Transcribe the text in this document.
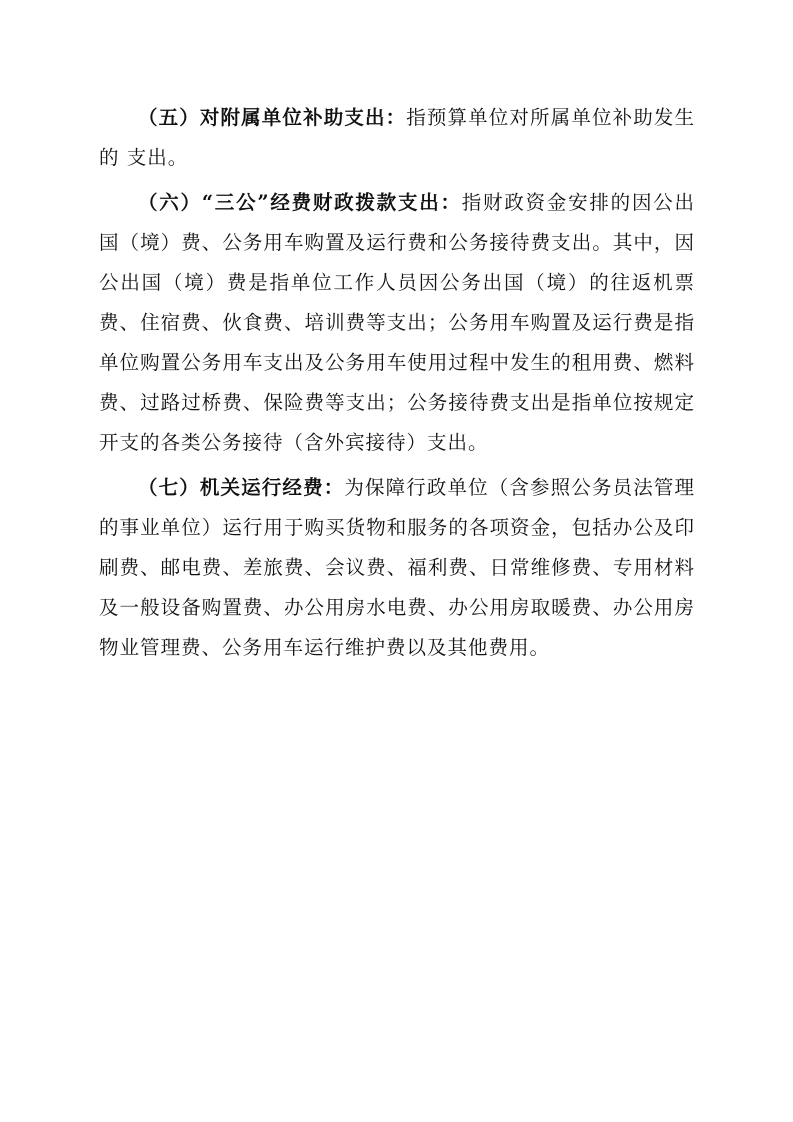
（五）对附属单位补助支出：指预算单位对所属单位补助发生的 支出。

（六）“三公”经费财政拨款支出：指财政资金安排的因公出国（境）费、公务用车购置及运行费和公务接待费支出。其中，因公出国（境）费是指单位工作人员因公务出国（境）的往返机票费、住宿费、伙食费、培训费等支出；公务用车购置及运行费是指单位购置公务用车支出及公务用车使用过程中发生的租用费、燃料费、过路过桥费、保险费等支出；公务接待费支出是指单位按规定开支的各类公务接待（含外宾接待）支出。

（七）机关运行经费：为保障行政单位（含参照公务员法管理的事业单位）运行用于购买货物和服务的各项资金，包括办公及印刷费、邮电费、差旅费、会议费、福利费、日常维修费、专用材料及一般设备购置费、办公用房水电费、办公用房取暖费、办公用房物业管理费、公务用车运行维护费以及其他费用。
